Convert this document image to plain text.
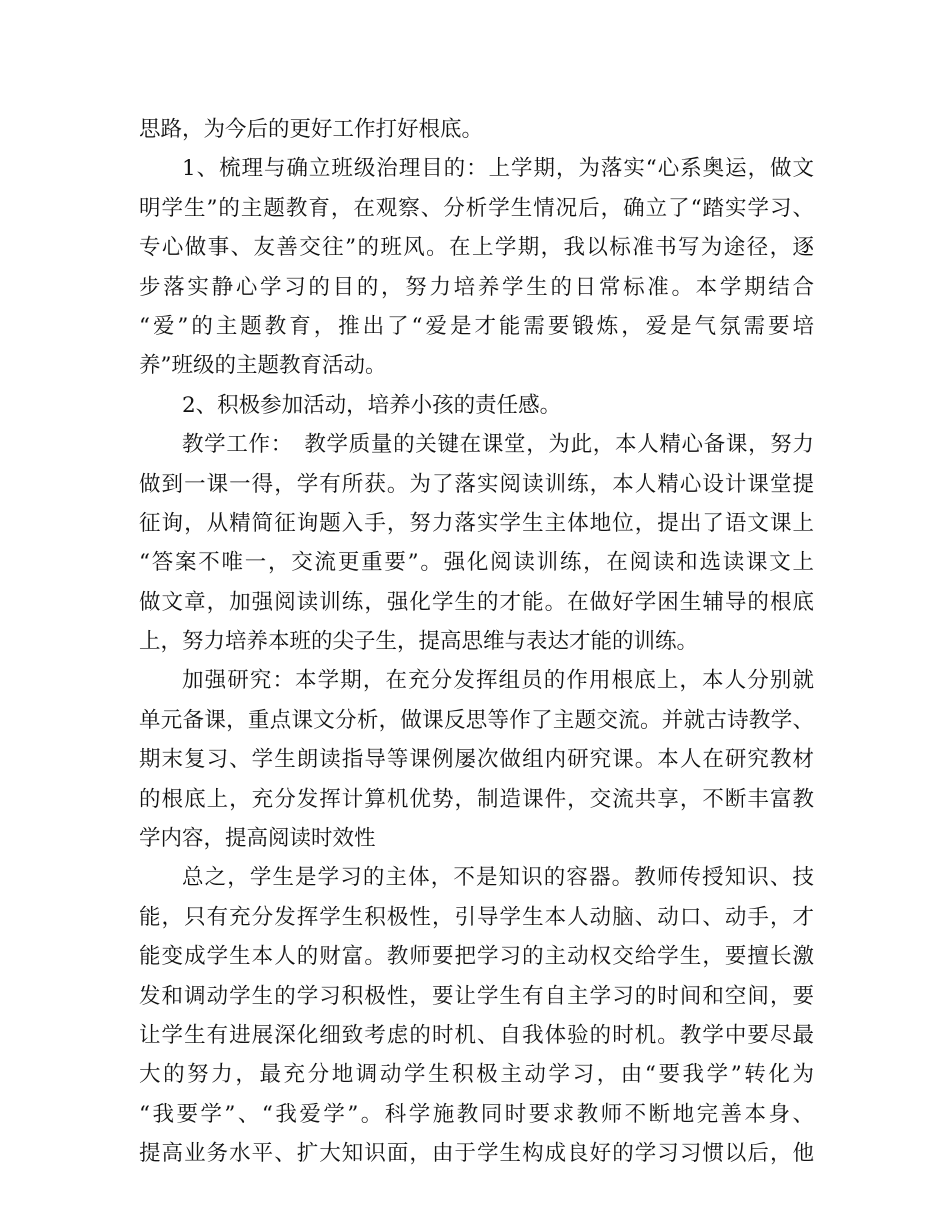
思路，为今后的更好工作打好根底。
1、梳理与确立班级治理目的：上学期，为落实“心系奥运，做文
明学生”的主题教育，在观察、分析学生情况后，确立了“踏实学习、
专心做事、友善交往”的班风。在上学期，我以标准书写为途径，逐
步落实静心学习的目的，努力培养学生的日常标准。本学期结合
“爱”的主题教育，推出了“爱是才能需要锻炼，爱是气氛需要培
养”班级的主题教育活动。
2、积极参加活动，培养小孩的责任感。
教学工作：　教学质量的关键在课堂，为此，本人精心备课，努力
做到一课一得，学有所获。为了落实阅读训练，本人精心设计课堂提
征询，从精简征询题入手，努力落实学生主体地位，提出了语文课上
“答案不唯一，交流更重要”。强化阅读训练，在阅读和选读课文上
做文章，加强阅读训练，强化学生的才能。在做好学困生辅导的根底
上，努力培养本班的尖子生，提高思维与表达才能的训练。
加强研究：本学期，在充分发挥组员的作用根底上，本人分别就
单元备课，重点课文分析，做课反思等作了主题交流。并就古诗教学、
期末复习、学生朗读指导等课例屡次做组内研究课。本人在研究教材
的根底上，充分发挥计算机优势，制造课件，交流共享，不断丰富教
学内容，提高阅读时效性
总之，学生是学习的主体，不是知识的容器。教师传授知识、技
能，只有充分发挥学生积极性，引导学生本人动脑、动口、动手，才
能变成学生本人的财富。教师要把学习的主动权交给学生，要擅长激
发和调动学生的学习积极性，要让学生有自主学习的时间和空间，要
让学生有进展深化细致考虑的时机、自我体验的时机。教学中要尽最
大的努力，最充分地调动学生积极主动学习，由“要我学”转化为
“我要学”、“我爱学”。科学施教同时要求教师不断地完善本身、
提高业务水平、扩大知识面，由于学生构成良好的学习习惯以后，他
